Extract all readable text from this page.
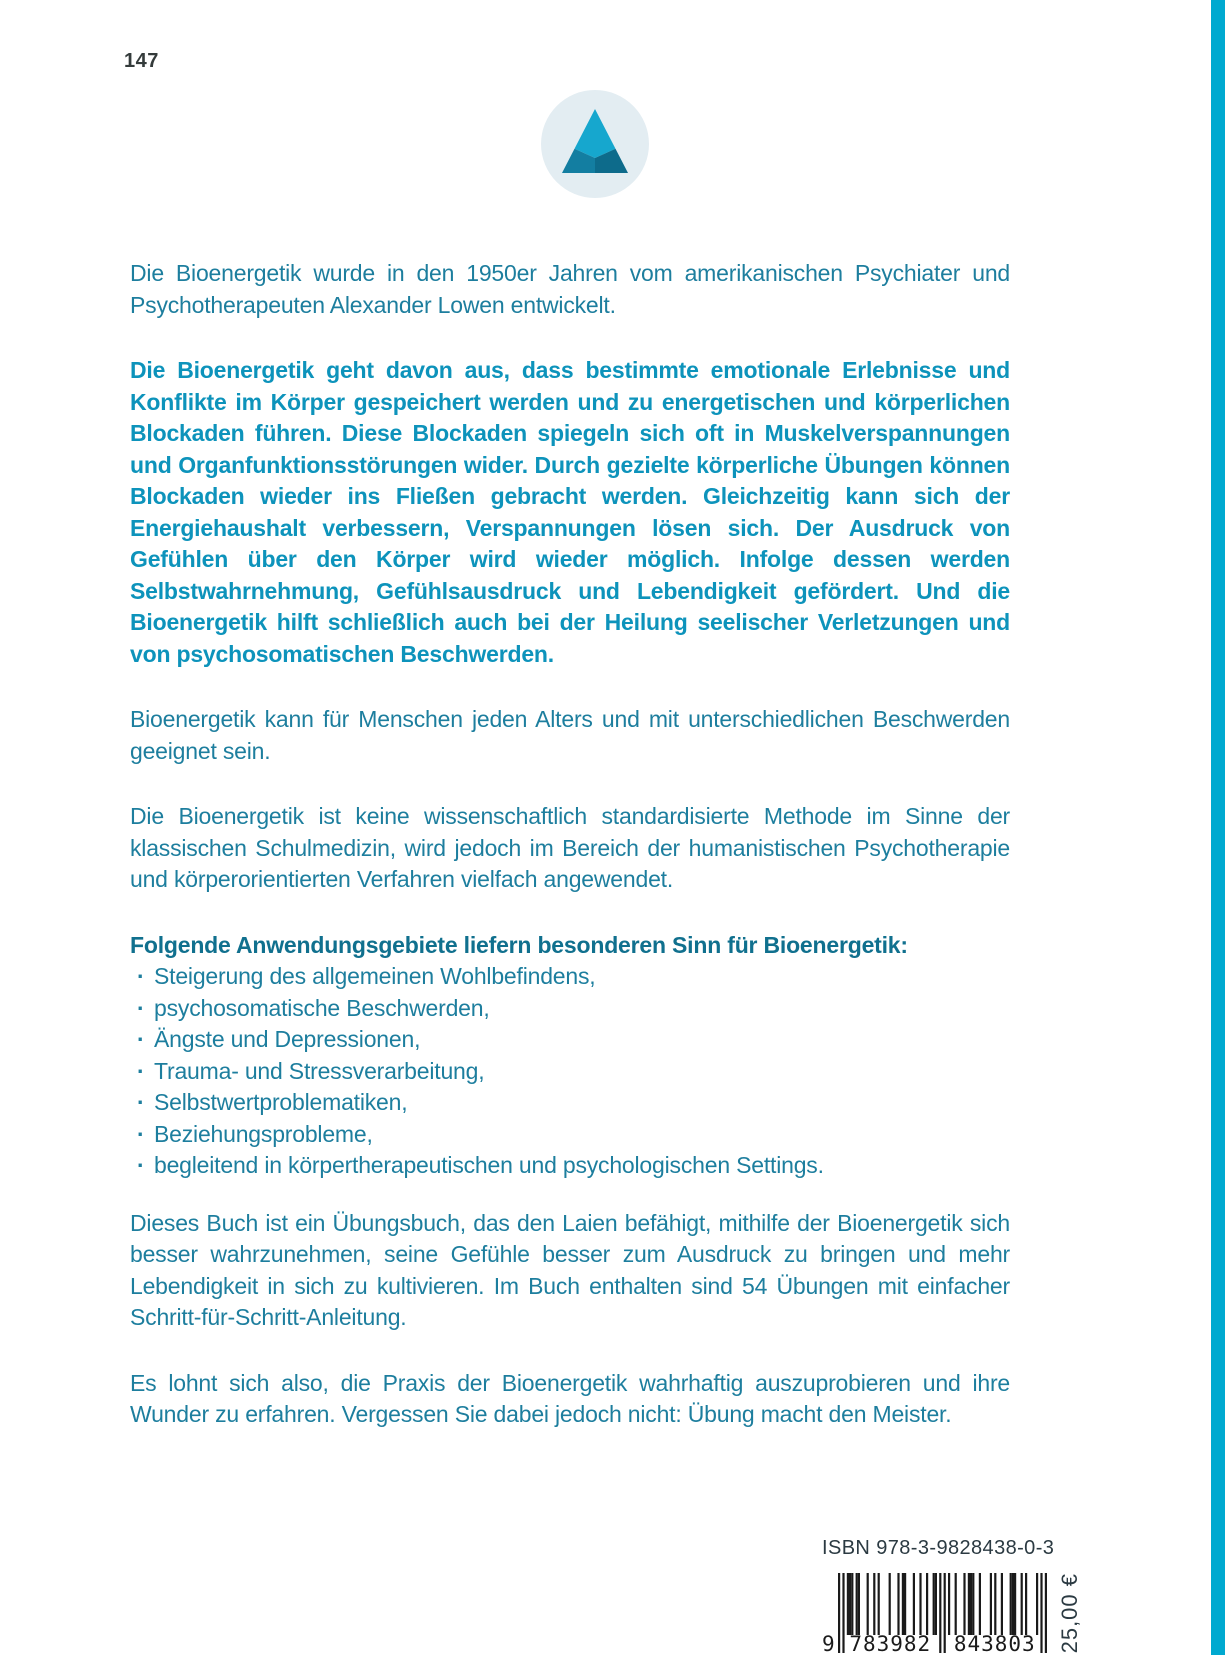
147

Die Bioenergetik wurde in den 1950er Jahren vom amerikanischen Psychiater und Psychotherapeuten Alexander Lowen entwickelt.

Die Bioenergetik geht davon aus, dass bestimmte emotionale Erlebnisse und Konflikte im Körper gespeichert werden und zu energetischen und körperlichen Blockaden führen. Diese Blockaden spiegeln sich oft in Muskelverspannungen und Organfunktionsstörungen wider. Durch gezielte körperliche Übungen können Blockaden wieder ins Fließen gebracht werden. Gleichzeitig kann sich der Energiehaushalt verbessern, Verspannungen lösen sich. Der Ausdruck von Gefühlen über den Körper wird wieder möglich. Infolge dessen werden Selbstwahrnehmung, Gefühlsausdruck und Lebendigkeit gefördert. Und die Bioenergetik hilft schließlich auch bei der Heilung seelischer Verletzungen und von psychosomatischen Beschwerden.

Bioenergetik kann für Menschen jeden Alters und mit unterschiedlichen Beschwerden geeignet sein.

Die Bioenergetik ist keine wissenschaftlich standardisierte Methode im Sinne der klassischen Schulmedizin, wird jedoch im Bereich der humanistischen Psychotherapie und körperorientierten Verfahren vielfach angewendet.

Folgende Anwendungsgebiete liefern besonderen Sinn für Bioenergetik:

· Steigerung des allgemeinen Wohlbefindens,
· psychosomatische Beschwerden,
· Ängste und Depressionen,
· Trauma- und Stressverarbeitung,
· Selbstwertproblematiken,
· Beziehungsprobleme,
· begleitend in körpertherapeutischen und psychologischen Settings.

Dieses Buch ist ein Übungsbuch, das den Laien befähigt, mithilfe der Bioenergetik sich besser wahrzunehmen, seine Gefühle besser zum Ausdruck zu bringen und mehr Lebendigkeit in sich zu kultivieren. Im Buch enthalten sind 54 Übungen mit einfacher Schritt-für-Schritt-Anleitung.

Es lohnt sich also, die Praxis der Bioenergetik wahrhaftig auszuprobieren und ihre Wunder zu erfahren. Vergessen Sie dabei jedoch nicht: Übung macht den Meister.

ISBN 978-3-9828438-0-3
9 783982	843803 25,00 €
